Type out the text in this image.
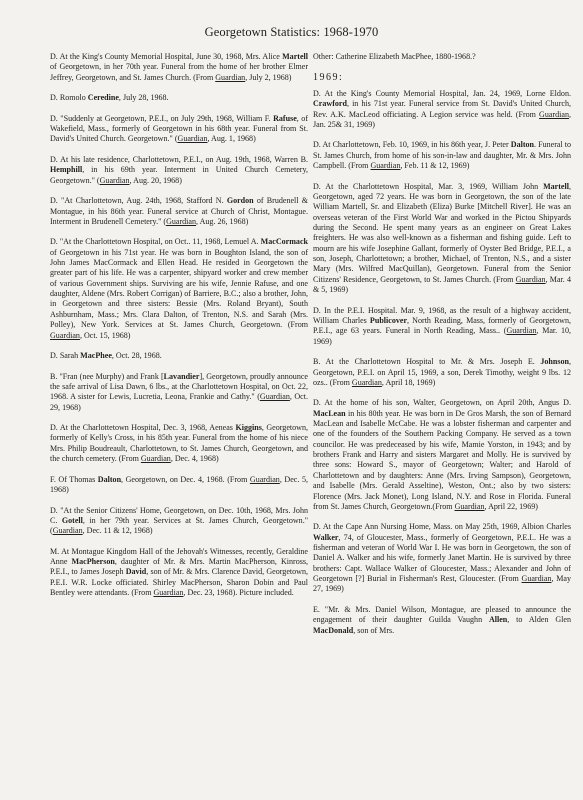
Georgetown Statistics: 1968-1970
D. At the King's County Memorial Hospital, June 30, 1968, Mrs. Alice Martell of Georgetown, in her 70th year. Funeral from the home of her brother Elmer Jeffrey, Georgetown, and St. James Church. (From Guardian, July 2, 1968)
D. Romolo Ceredine, July 28, 1968.
D. "Suddenly at Georgetown, P.E.I., on July 29th, 1968, William F. Rafuse, of Wakefield, Mass., formerly of Georgetown in his 68th year. Funeral from St. David's United Church. Georgetown." (Guardian, Aug. 1, 1968)
D. At his late residence, Charlottetown, P.E.I., on Aug. 19th, 1968, Warren B. Hemphill, in his 69th year. Interment in United Church Cemetery, Georgetown." (Guardian, Aug. 20, 1968)
D. "At Charlottetown, Aug. 24th, 1968, Stafford N. Gordon of Brudenell & Montague, in his 86th year. Funeral service at Church of Christ, Montague. Interment in Brudenell Cemetery." (Guardian, Aug. 26, 1968)
D. "At the Charlottetown Hospital, on Oct.. 11, 1968, Lemuel A. MacCormack of Georgetown in his 71st year. He was born in Boughton Island, the son of John James MacCormack and Ellen Head. He resided in Georgetown the greater part of his life. He was a carpenter, shipyard worker and crew member of various Government ships. Surviving are his wife, Jennie Rafuse, and one daughter, Aldene (Mrs. Robert Corrigan) of Barriere, B.C.; also a brother, John, in Georgetown and three sisters: Bessie (Mrs. Roland Bryant), South Ashburnham, Mass.; Mrs. Clara Dalton, of Trenton, N.S. and Sarah (Mrs. Polley), New York. Services at St. James Church, Georgetown. (From Guardian, Oct. 15, 1968)
D. Sarah MacPhee, Oct. 28, 1968.
B. "Fran (nee Murphy) and Frank [Lavandier], Georgetown, proudly announce the safe arrival of Lisa Dawn, 6 lbs., at the Charlottetown Hospital, on Oct. 22, 1968. A sister for Lewis, Lucretia, Leona, Frankie and Cathy." (Guardian, Oct. 29, 1968)
D. At the Charlottetown Hospital, Dec. 3, 1968, Aeneas Kiggins, Georgetown, formerly of Kelly's Cross, in his 85th year. Funeral from the home of his niece Mrs. Philip Boudreault, Charlottetown, to St. James Church, Georgetown, and the church cemetery. (From Guardian, Dec. 4, 1968)
F. Of Thomas Dalton, Georgetown, on Dec. 4, 1968. (From Guardian, Dec. 5, 1968)
D. "At the Senior Citizens' Home, Georgetown, on Dec. 10th, 1968, Mrs. John C. Gotell, in her 79th year. Services at St. James Church, Georgetown." (Guardian, Dec. 11 & 12, 1968)
M. At Montague Kingdom Hall of the Jehovah's Witnesses, recently, Geraldine Anne MacPherson, daughter of Mr. & Mrs. Martin MacPherson, Kinross, P.E.I., to James Joseph David, son of Mr. & Mrs. Clarence David, Georgetown, P.E.I. W.R. Locke officiated. Shirley MacPherson, Sharon Dobin and Paul Bentley were attendants. (From Guardian, Dec. 23, 1968). Picture included.
Other: Catherine Elizabeth MacPhee, 1880-1968.?
1969:
D. At the King's County Memorial Hospital, Jan. 24, 1969, Lorne Eldon. Crawford, in his 71st year. Funeral service from St. David's United Church, Rev. A.K. MacLeod officiating. A Legion service was held. (From Guardian, Jan. 25& 31, 1969)
D. At Charlottetown, Feb. 10, 1969, in his 86th year, J. Peter Dalton. Funeral to St. James Church, from home of his son-in-law and daughter, Mr. & Mrs. John Campbell. (From Guardian, Feb. 11 & 12, 1969)
D. At the Charlottetown Hospital, Mar. 3, 1969, William John Martell, Georgetown, aged 72 years. He was born in Georgetown, the son of the late William Martell, Sr. and Elizabeth (Eliza) Burke [Mitchell River]. He was an overseas veteran of the First World War and worked in the Pictou Shipyards during the Second. He spent many years as an engineer on Great Lakes freighters. He was also well-known as a fisherman and fishing guide. Left to mourn are his wife Josephine Gallant, formerly of Oyster Bed Bridge, P.E.I., a son, Joseph, Charlottetown; a brother, Michael, of Trenton, N.S., and a sister Mary (Mrs. Wilfred MacQuillan), Georgetown. Funeral from the Senior Citizens' Residence, Georgetown, to St. James Church. (From Guardian, Mar. 4 & 5, 1969)
D. In the P.E.I. Hospital. Mar. 9, 1968, as the result of a highway accident, William Charles Publicover, North Reading, Mass, formerly of Georgetown, P.E.I., age 63 years. Funeral in North Reading, Mass.. (Guardian, Mar. 10, 1969)
B. At the Charlottetown Hospital to Mr. & Mrs. Joseph E. Johnson, Georgetown, P.E.I. on April 15, 1969, a son, Derek Timothy, weight 9 lbs. 12 ozs.. (From Guardian, April 18, 1969)
D. At the home of his son, Walter, Georgetown, on April 20th, Angus D. MacLean in his 80th year. He was born in De Gros Marsh, the son of Bernard MacLean and Isabelle McCabe. He was a lobster fisherman and carpenter and one of the founders of the Southern Packing Company. He served as a town councilor. He was predeceased by his wife, Mamie Yorston, in 1943; and by brothers Frank and Harry and sisters Margaret and Molly. He is survived by three sons: Howard S., mayor of Georgetown; Walter; and Harold of Charlottetown and by daughters: Anne (Mrs. Irving Sampson), Georgetown, and Isabelle (Mrs. Gerald Asseltine), Weston, Ont.; also by two sisters: Florence (Mrs. Jack Monet), Long Island, N.Y. and Rose in Florida. Funeral from St. James Church, Georgetown.(From Guardian, April 22, 1969)
D. At the Cape Ann Nursing Home, Mass. on May 25th, 1969, Albion Charles Walker, 74, of Gloucester, Mass., formerly of Georgetown, P.E.I.. He was a fisherman and veteran of World War I. He was born in Georgetown, the son of Daniel A. Walker and his wife, formerly Janet Martin. He is survived by three brothers: Capt. Wallace Walker of Gloucester, Mass.; Alexander and John of Georgetown [?] Burial in Fisherman's Rest, Gloucester. (From Guardian, May 27, 1969)
E. "Mr. & Mrs. Daniel Wilson, Montague, are pleased to announce the engagement of their daughter Guilda Vaughn Allen, to Alden Glen MacDonald, son of Mrs.
